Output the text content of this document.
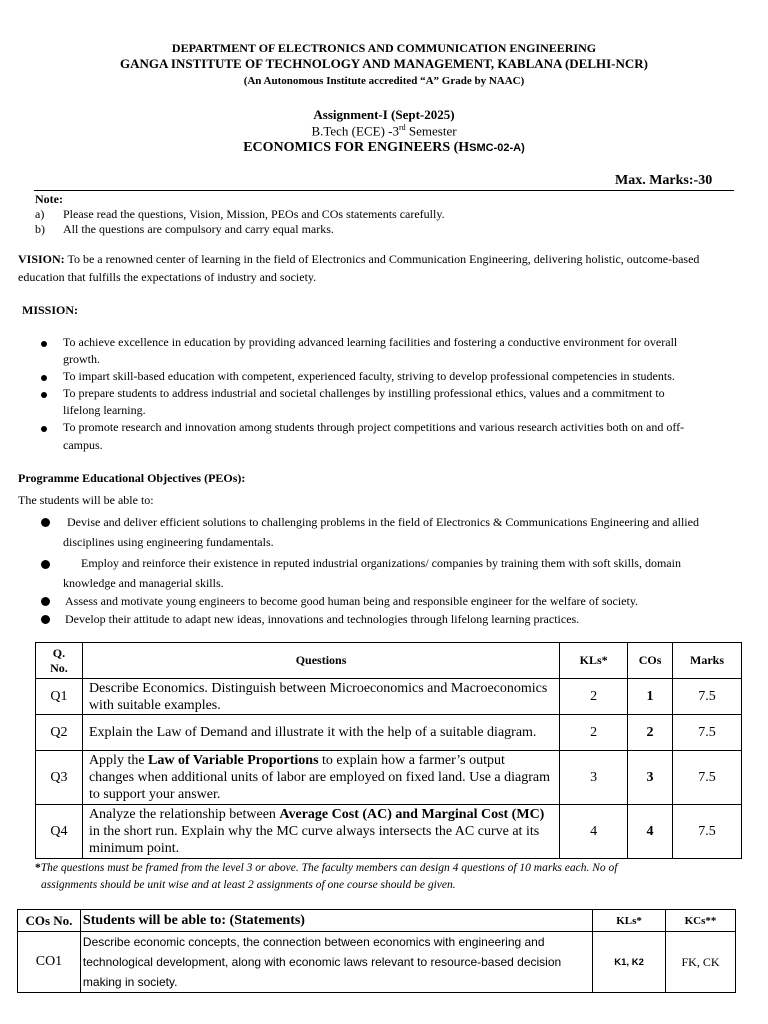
DEPARTMENT OF ELECTRONICS AND COMMUNICATION ENGINEERING
GANGA INSTITUTE OF TECHNOLOGY AND MANAGEMENT, KABLANA (DELHI-NCR)
(An Autonomous Institute accredited “A” Grade by NAAC)
Assignment-I (Sept-2025)
B.Tech (ECE) -3rd Semester
ECONOMICS FOR ENGINEERS (HSMC-02-A)
Max. Marks:-30
Note:
a) Please read the questions, Vision, Mission, PEOs and COs statements carefully.
b) All the questions are compulsory and carry equal marks.
VISION: To be a renowned center of learning in the field of Electronics and Communication Engineering, delivering holistic, outcome-based
education that fulfills the expectations of industry and society.
MISSION:
To achieve excellence in education by providing advanced learning facilities and fostering a conductive environment for overall
growth.
To impart skill-based education with competent, experienced faculty, striving to develop professional competencies in students.
To prepare students to address industrial and societal challenges by instilling professional ethics, values and a commitment to
lifelong learning.
To promote research and innovation among students through project competitions and various research activities both on and off-
campus.
Programme Educational Objectives (PEOs):
The students will be able to:
Devise and deliver efficient solutions to challenging problems in the field of Electronics & Communications Engineering and allied
disciplines using engineering fundamentals.
Employ and reinforce their existence in reputed industrial organizations/ companies by training them with soft skills, domain
knowledge and managerial skills.
Assess and motivate young engineers to become good human being and responsible engineer for the welfare of society.
Develop their attitude to adapt new ideas, innovations and technologies through lifelong learning practices.
Q.
No.	Questions	KLs*	COs	Marks
Q1	Describe Economics. Distinguish between Microeconomics and Macroeconomics with suitable examples.	2	1	7.5
Q2	Explain the Law of Demand and illustrate it with the help of a suitable diagram.	2	2	7.5
Q3	Apply the Law of Variable Proportions to explain how a farmer’s output changes when additional units of labor are employed on fixed land. Use a diagram to support your answer.	3	3	7.5
Q4	Analyze the relationship between Average Cost (AC) and Marginal Cost (MC) in the short run. Explain why the MC curve always intersects the AC curve at its minimum point.	4	4	7.5
*The questions must be framed from the level 3 or above. The faculty members can design 4 questions of 10 marks each. No of
assignments should be unit wise and at least 2 assignments of one course should be given.
COs No.	Students will be able to: (Statements)	KLs*	KCs**
CO1	Describe economic concepts, the connection between economics with engineering and technological development, along with economic laws relevant to resource-based decision making in society.	K1, K2	FK, CK
